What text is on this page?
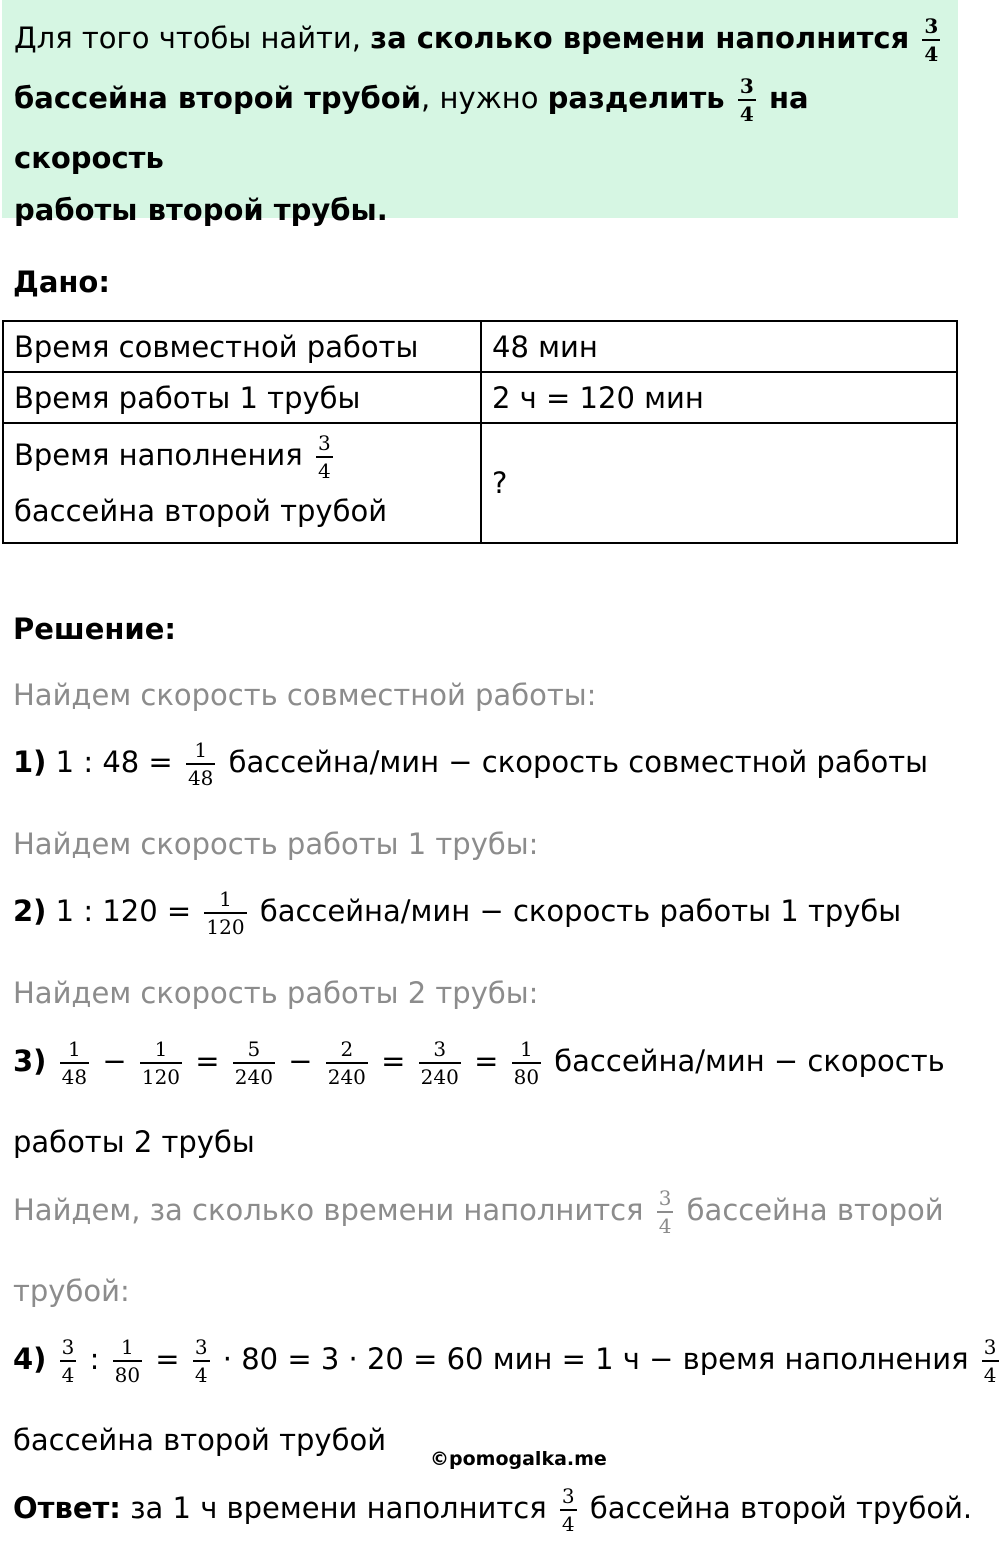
Для того чтобы найти, за сколько времени наполнится $\frac{3}{4}$
бассейна второй трубой, нужно разделить $\frac{3}{4}$ на скорость
работы второй трубы.
Дано:
Время совместной работы	48 мин
Время работы 1 трубы	2 ч = 120 мин
Время наполнения $\frac{3}{4}$

бассейна второй трубой	?
Решение:
Найдем скорость совместной работы:
1) 1 : $48 = \frac{1}{48}$ бассейна/мин − скорость совместной работы
Найдем скорость работы 1 трубы:
2) 1 : $120 = \frac{1}{120}$ бассейна/мин − скорость работы 1 трубы
Найдем скорость работы 2 трубы:
$3) \frac{1}{48} - \frac{1}{120} = \frac{5}{240} - \frac{2}{240} = \frac{3}{240} = \frac{1}{80}$ бассейна/мин − скорость
работы 2 трубы
Найдем, за сколько времени наполнится $\frac{3}{4}$ бассейна второй
трубой:
$4) \frac{3}{4}$ : $\frac{1}{80} = \frac{3}{4} \cdot 80 = 3 \cdot 20 = 60$ мин = 1 ч − время наполнения $\frac{3}{4}$
бассейна второй трубой
©pomogalka.me
Ответ: за 1 ч времени наполнится $\frac{3}{4}$ бассейна второй трубой.
